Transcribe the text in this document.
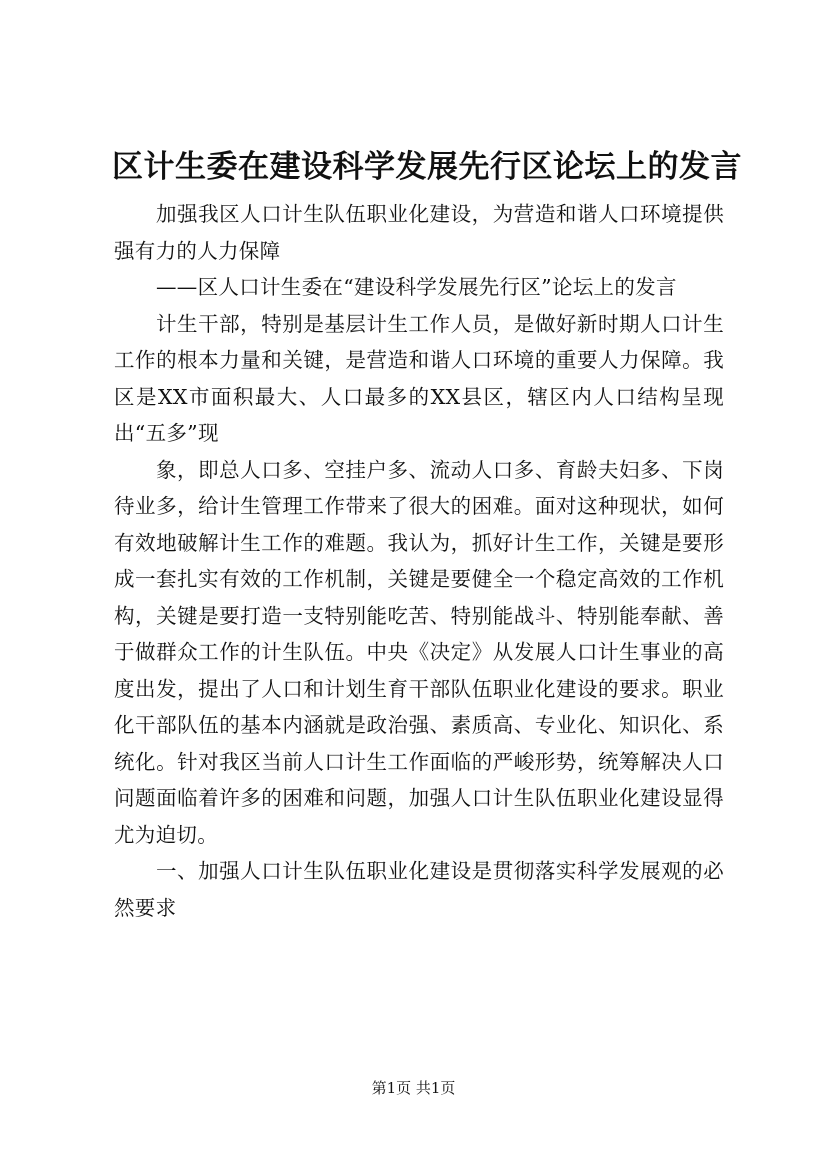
区计生委在建设科学发展先行区论坛上的发言

加强我区人口计生队伍职业化建设，为营造和谐人口环境提供强有力的人力保障

——区人口计生委在“建设科学发展先行区”论坛上的发言

计生干部，特别是基层计生工作人员，是做好新时期人口计生工作的根本力量和关键，是营造和谐人口环境的重要人力保障。我区是XX市面积最大、人口最多的XX县区，辖区内人口结构呈现出“五多”现

象，即总人口多、空挂户多、流动人口多、育龄夫妇多、下岗待业多，给计生管理工作带来了很大的困难。面对这种现状，如何有效地破解计生工作的难题。我认为，抓好计生工作，关键是要形成一套扎实有效的工作机制，关键是要健全一个稳定高效的工作机构，关键是要打造一支特别能吃苦、特别能战斗、特别能奉献、善于做群众工作的计生队伍。中央《决定》从发展人口计生事业的高度出发，提出了人口和计划生育干部队伍职业化建设的要求。职业化干部队伍的基本内涵就是政治强、素质高、专业化、知识化、系统化。针对我区当前人口计生工作面临的严峻形势，统筹解决人口问题面临着许多的困难和问题，加强人口计生队伍职业化建设显得尤为迫切。

一、加强人口计生队伍职业化建设是贯彻落实科学发展观的必然要求

第1页 共1页
